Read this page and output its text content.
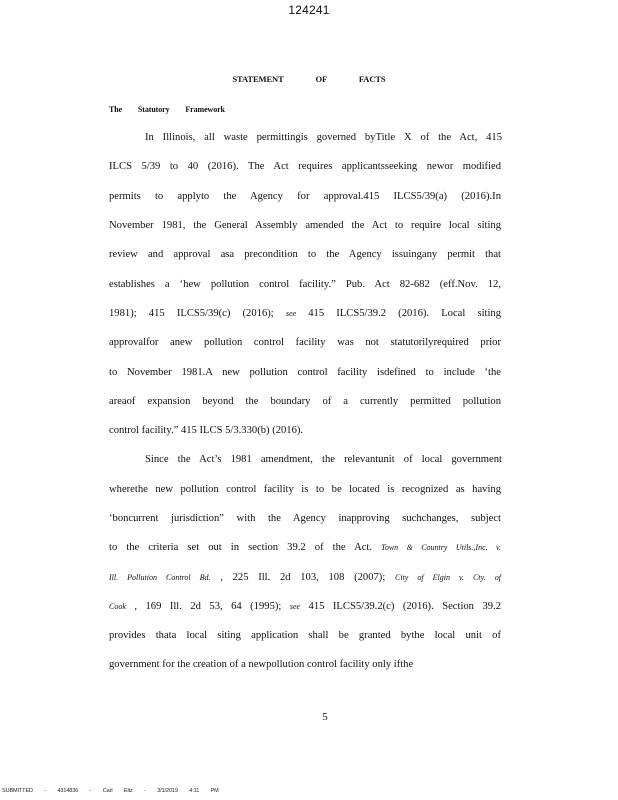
124241
STATEMENT OF FACTS
The Statutory Framework
In Illinois, all waste permittingis governed byTitle X of the Act, 415
ILCS 5/39 to 40 (2016). The Act requires applicantsseeking newor modified
permits to applyto the Agency for approval.415 ILCS5/39(a) (2016).In
November 1981, the General Assembly amended the Act to require local siting
review and approval asa precondition to the Agency issuingany permit that
establishes a ‘hew pollution control facility.” Pub. Act 82-682 (eff.Nov. 12,
1981); 415 ILCS5/39(c) (2016); see 415 ILCS5/39.2 (2016). Local siting
approvalfor anew pollution control facility was not statutorilyrequired prior
to November 1981.A new pollution control facility isdefined to include ‘the
areaof expansion beyond the boundary of a currently permitted pollution
control facility.” 415 ILCS 5/3.330(b) (2016).
Since the Act’s 1981 amendment, the relevantunit of local government
wherethe new pollution control facility is to be located is recognized as having
‘boncurrent jurisdiction” with the Agency inapproving suchchanges, subject
to the criteria set out in section 39.2 of the Act. Town & Country Utils.,Inc. v.
Ill. Pollution Control Bd. , 225 Ill. 2d 103, 108 (2007); City of Elgin v. Cty. of
Cook , 169 Ill. 2d 53, 64 (1995); see 415 ILCS5/39.2(c) (2016). Section 39.2
provides thata local siting application shall be granted bythe local unit of
government for the creation of a newpollution control facility only ifthe
5
SUBMITTED - 4314836 - Carl Eltz - 3/1/2019 4:11 PM
